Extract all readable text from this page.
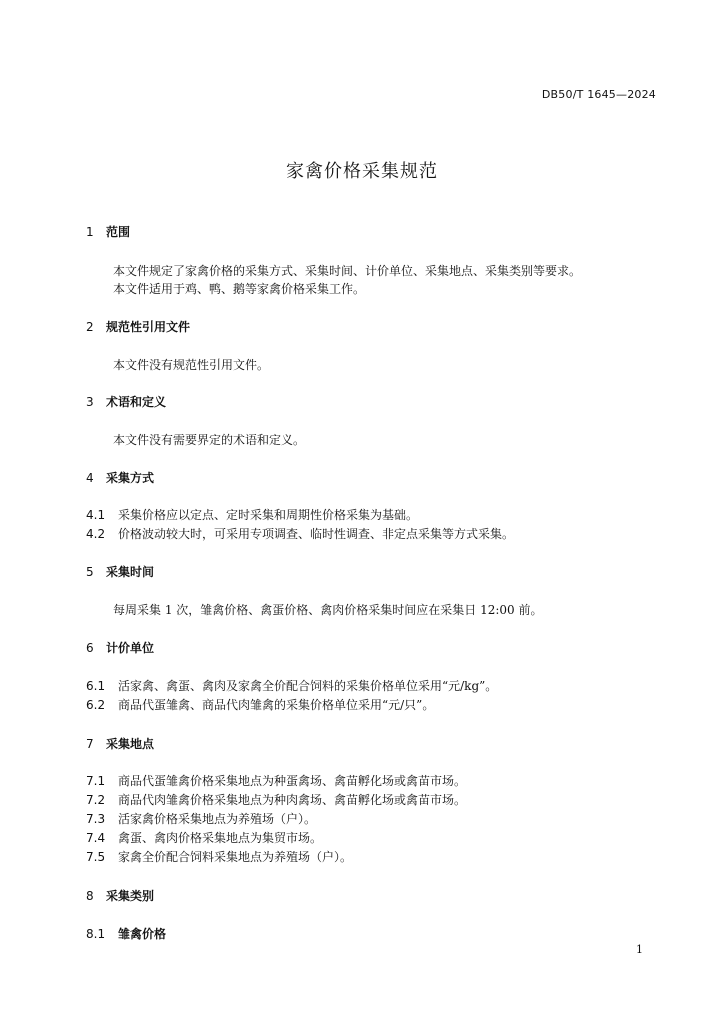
DB50/T 1645—2024
家禽价格采集规范
1 范围
本文件规定了家禽价格的采集方式、采集时间、计价单位、采集地点、采集类别等要求。
本文件适用于鸡、鸭、鹅等家禽价格采集工作。
2 规范性引用文件
本文件没有规范性引用文件。
3 术语和定义
本文件没有需要界定的术语和定义。
4 采集方式
4.1 采集价格应以定点、定时采集和周期性价格采集为基础。
4.2 价格波动较大时，可采用专项调查、临时性调查、非定点采集等方式采集。
5 采集时间
每周采集 1 次，雏禽价格、禽蛋价格、禽肉价格采集时间应在采集日 12:00 前。
6 计价单位
6.1 活家禽、禽蛋、禽肉及家禽全价配合饲料的采集价格单位采用“元/kg”。
6.2 商品代蛋雏禽、商品代肉雏禽的采集价格单位采用“元/只”。
7 采集地点
7.1 商品代蛋雏禽价格采集地点为种蛋禽场、禽苗孵化场或禽苗市场。
7.2 商品代肉雏禽价格采集地点为种肉禽场、禽苗孵化场或禽苗市场。
7.3 活家禽价格采集地点为养殖场（户）。
7.4 禽蛋、禽肉价格采集地点为集贸市场。
7.5 家禽全价配合饲料采集地点为养殖场（户）。
8 采集类别
8.1 雏禽价格
1
